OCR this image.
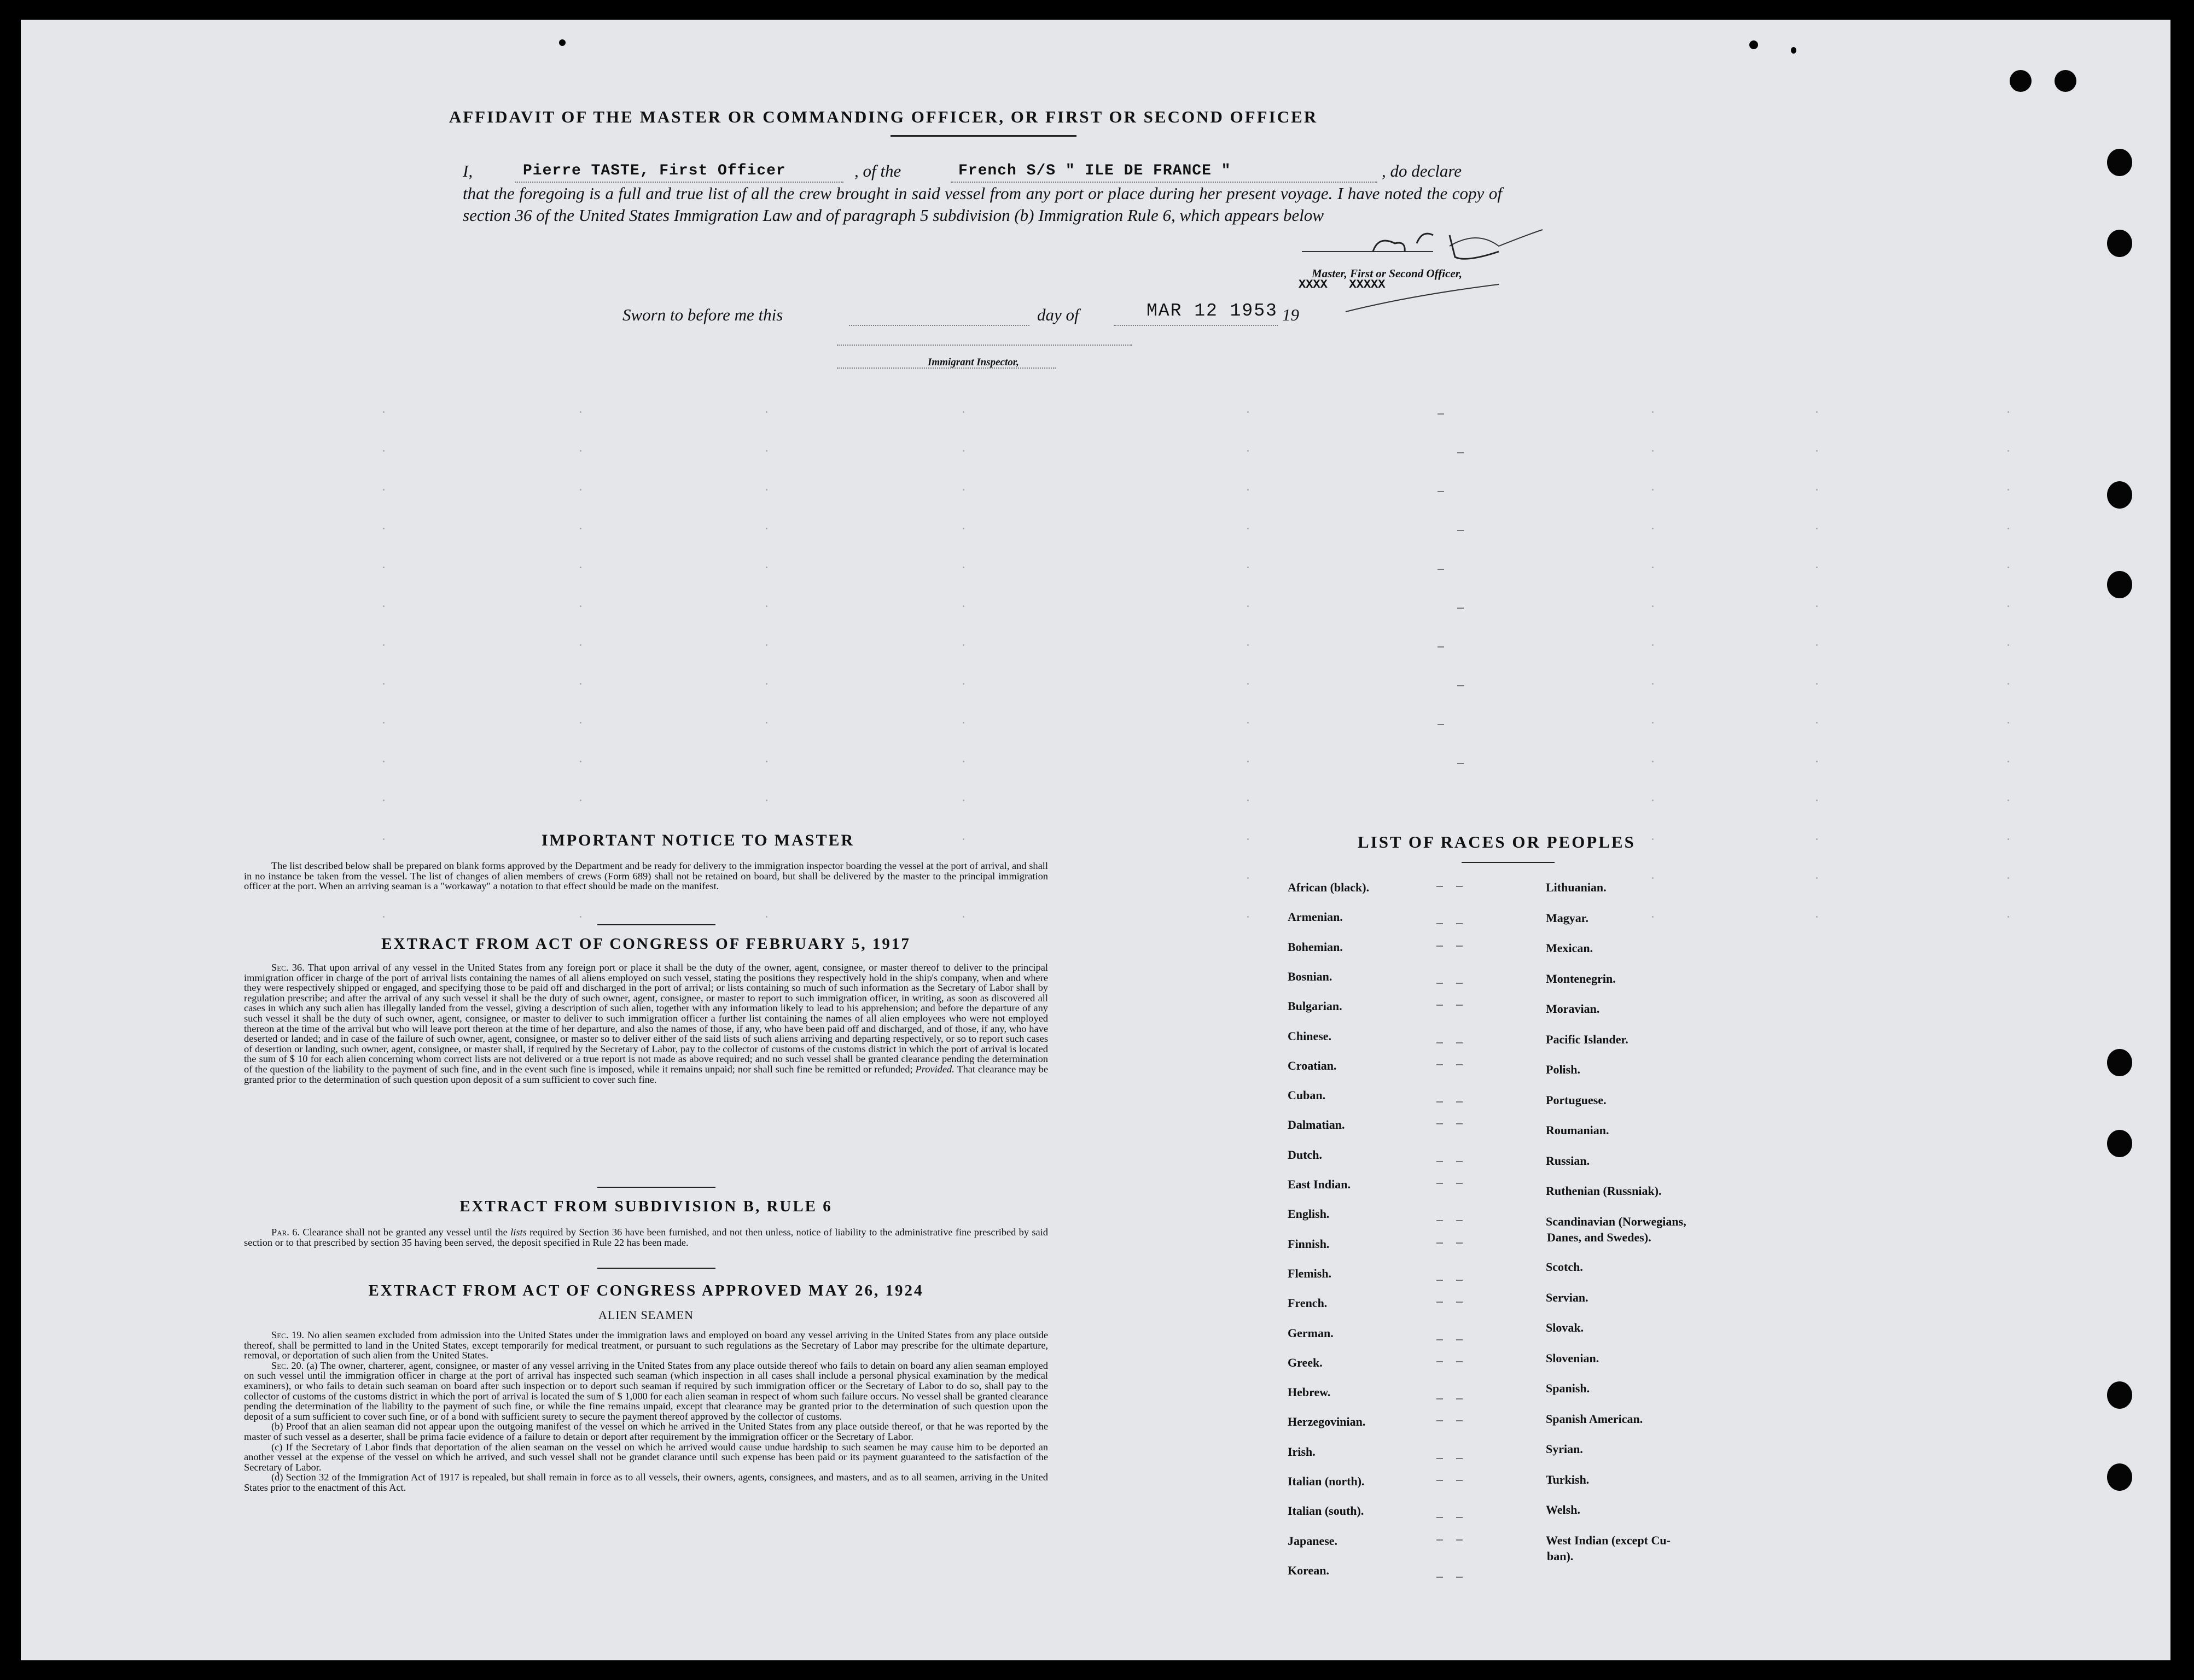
AFFIDAVIT OF THE MASTER OR COMMANDING OFFICER, OR FIRST OR SECOND OFFICER
I,	Pierre TASTE, First Officer	, of the	French S/S " ILE DE FRANCE "	, do declare
that the foregoing is a full and true list of all the crew brought in said vessel from any port or place during her present voyage. I have noted the copy of section 36 of the United States Immigration Law and of paragraph 5 subdivision (b) Immigration Rule 6, which appears below
Master, First or Second Officer,
XXXX   XXXXX
Sworn to before me this	day of	MAR 12 1953 19
Immigrant Inspector,
IMPORTANT NOTICE TO MASTER

The list described below shall be prepared on blank forms approved by the Department and be ready for delivery to the immigration inspector boarding the vessel at the port of arrival, and shall in no instance be taken from the vessel. The list of changes of alien members of crews (Form 689) shall not be retained on board, but shall be delivered by the master to the principal immigration officer at the port. When an arriving seaman is a "workaway" a notation to that effect should be made on the manifest.

EXTRACT FROM ACT OF CONGRESS OF FEBRUARY 5, 1917

Sec. 36. That upon arrival of any vessel in the United States from any foreign port or place it shall be the duty of the owner, agent, consignee, or master thereof to deliver to the principal immigration officer in charge of the port of arrival lists containing the names of all aliens employed on such vessel, stating the positions they respectively hold in the ship's company, when and where they were respectively shipped or engaged, and specifying those to be paid off and discharged in the port of arrival; or lists containing so much of such information as the Secretary of Labor shall by regulation prescribe; and after the arrival of any such vessel it shall be the duty of such owner, agent, consignee, or master to report to such immigration officer, in writing, as soon as discovered all cases in which any such alien has illegally landed from the vessel, giving a description of such alien, together with any information likely to lead to his apprehension; and before the departure of any such vessel it shall be the duty of such owner, agent, consignee, or master to deliver to such immigration officer a further list containing the names of all alien employees who were not employed thereon at the time of the arrival but who will leave port thereon at the time of her departure, and also the names of those, if any, who have been paid off and discharged, and of those, if any, who have deserted or landed; and in case of the failure of such owner, agent, consignee, or master so to deliver either of the said lists of such aliens arriving and departing respectively, or so to report such cases of desertion or landing, such owner, agent, consignee, or master shall, if required by the Secretary of Labor, pay to the collector of customs of the customs district in which the port of arrival is located the sum of $ 10 for each alien concerning whom correct lists are not delivered or a true report is not made as above required; and no such vessel shall be granted clearance pending the determination of the question of the liability to the payment of such fine, and in the event such fine is imposed, while it remains unpaid; nor shall such fine be remitted or refunded; Provided. That clearance may be granted prior to the determination of such question upon deposit of a sum sufficient to cover such fine.

EXTRACT FROM SUBDIVISION B, RULE 6

Par. 6. Clearance shall not be granted any vessel until the lists required by Section 36 have been furnished, and not then unless, notice of liability to the administrative fine prescribed by said section or to that prescribed by section 35 having been served, the deposit specified in Rule 22 has been made.

EXTRACT FROM ACT OF CONGRESS APPROVED MAY 26, 1924
ALIEN SEAMEN

Sec. 19. No alien seamen excluded from admission into the United States under the immigration laws and employed on board any vessel arriving in the United States from any place outside thereof, shall be permitted to land in the United States, except temporarily for medical treatment, or pursuant to such regulations as the Secretary of Labor may prescribe for the ultimate departure, removal, or deportation of such alien from the United States.

Sec. 20. (a) The owner, charterer, agent, consignee, or master of any vessel arriving in the United States from any place outside thereof who fails to detain on board any alien seaman employed on such vessel until the immigration officer in charge at the port of arrival has inspected such seaman (which inspection in all cases shall include a personal physical examination by the medical examiners), or who fails to detain such seaman on board after such inspection or to deport such seaman if required by such immigration officer or the Secretary of Labor to do so, shall pay to the collector of customs of the customs district in which the port of arrival is located the sum of $ 1,000 for each alien seaman in respect of whom such failure occurs. No vessel shall be granted clearance pending the determination of the liability to the payment of such fine, or while the fine remains unpaid, except that clearance may be granted prior to the determination of such question upon the deposit of a sum sufficient to cover such fine, or of a bond with sufficient surety to secure the payment thereof approved by the collector of customs.

(b) Proof that an alien seaman did not appear upon the outgoing manifest of the vessel on which he arrived in the United States from any place outside thereof, or that he was reported by the master of such vessel as a deserter, shall be prima facie evidence of a failure to detain or deport after requirement by the immigration officer or the Secretary of Labor.

(c) If the Secretary of Labor finds that deportation of the alien seaman on the vessel on which he arrived would cause undue hardship to such seamen he may cause him to be deported an another vessel at the expense of the vessel on which he arrived, and such vessel shall not be grandet clarance until such expense has been paid or its payment guaranteed to the satisfaction of the Secretary of Labor.

(d) Section 32 of the Immigration Act of 1917 is repealed, but shall remain in force as to all vessels, their owners, agents, consignees, and masters, and as to all seamen, arriving in the United States prior to the enactment of this Act.

LIST OF RACES OR PEOPLES
African (black).
Armenian.
Bohemian.
Bosnian.
Bulgarian.
Chinese.
Croatian.
Cuban.
Dalmatian.
Dutch.
East Indian.
English.
Finnish.
Flemish.
French.
German.
Greek.
Hebrew.
Herzegovinian.
Irish.
Italian (north).
Italian (south).
Japanese.
Korean.
Lithuanian.
Magyar.
Mexican.
Montenegrin.
Moravian.
Pacific Islander.
Polish.
Portuguese.
Roumanian.
Russian.
Ruthenian (Russniak).
Scandinavian (Norwegians,
Danes, and Swedes).
Scotch.
Servian.
Slovak.
Slovenian.
Spanish.
Spanish American.
Syrian.
Turkish.
Welsh.
West Indian (except Cu-
ban).
